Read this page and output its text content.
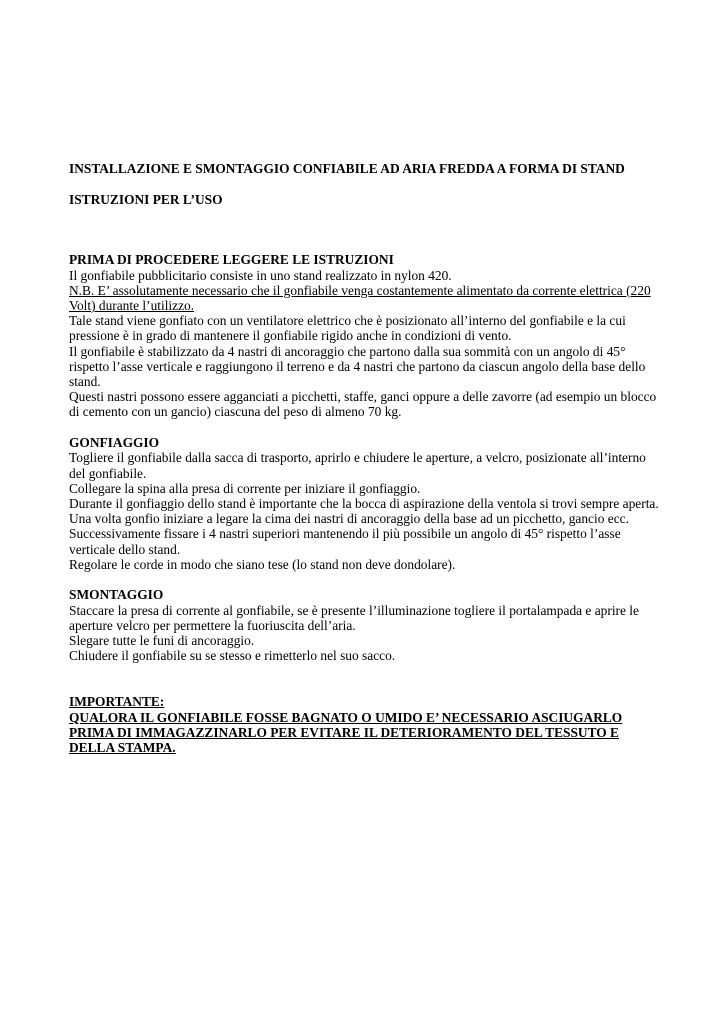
INSTALLAZIONE E SMONTAGGIO CONFIABILE AD ARIA FREDDA A FORMA DI STAND

ISTRUZIONI PER L’USO

PRIMA DI PROCEDERE LEGGERE LE ISTRUZIONI
Il gonfiabile pubblicitario consiste in uno stand realizzato in nylon 420.
N.B. E’ assolutamente necessario che il gonfiabile venga costantemente alimentato da corrente elettrica (220 Volt) durante l’utilizzo.
Tale stand viene gonfiato con un ventilatore elettrico che è posizionato all’interno del gonfiabile e la cui pressione è in grado di mantenere il gonfiabile rigido anche in condizioni di vento.
Il gonfiabile è stabilizzato da 4 nastri di ancoraggio che partono dalla sua sommità con un angolo di 45° rispetto l’asse verticale e raggiungono il terreno e da 4 nastri che partono da ciascun angolo della base dello stand.
Questi nastri possono essere agganciati a picchetti, staffe, ganci oppure a delle zavorre (ad esempio un blocco di cemento con un gancio) ciascuna del peso di almeno 70 kg.
GONFIAGGIO
Togliere il gonfiabile dalla sacca di trasporto, aprirlo e chiudere le aperture, a velcro, posizionate all’interno del gonfiabile.
Collegare la spina alla presa di corrente per iniziare il gonfiaggio.
Durante il gonfiaggio dello stand è importante che la bocca di aspirazione della ventola si trovi sempre aperta.
Una volta gonfio iniziare a legare la cima dei nastri di ancoraggio della base ad un picchetto, gancio ecc.
Successivamente fissare i 4 nastri superiori mantenendo il più possibile un angolo di 45° rispetto l’asse verticale dello stand.
Regolare le corde in modo che siano tese (lo stand non deve dondolare).
SMONTAGGIO
Staccare la presa di corrente al gonfiabile, se è presente l’illuminazione togliere il portalampada e aprire le aperture velcro per permettere la fuoriuscita dell’aria.
Slegare tutte le funi di ancoraggio.
Chiudere il gonfiabile su se stesso e rimetterlo nel suo sacco.
IMPORTANTE:
QUALORA IL GONFIABILE FOSSE BAGNATO O UMIDO E’ NECESSARIO ASCIUGARLO PRIMA DI IMMAGAZZINARLO PER EVITARE IL DETERIORAMENTO DEL TESSUTO E DELLA STAMPA.
